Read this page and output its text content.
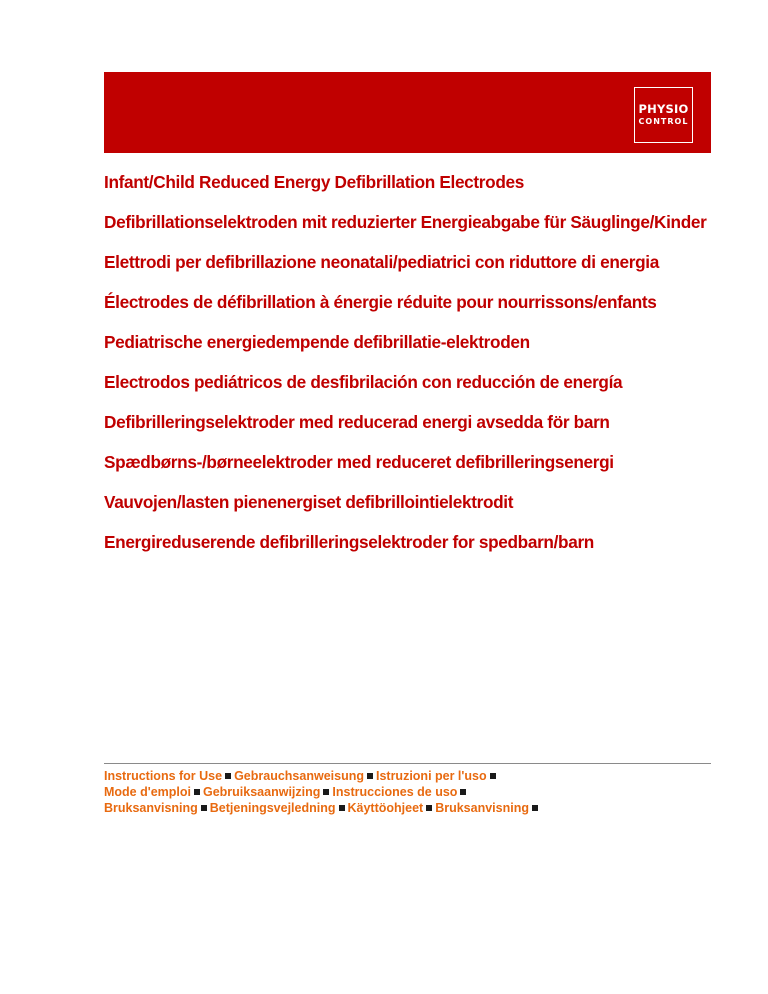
PHYSIO
CONTROL
Infant/Child Reduced Energy Defibrillation Electrodes
Defibrillationselektroden mit reduzierter Energieabgabe für Säuglinge/Kinder
Elettrodi per defibrillazione neonatali/pediatrici con riduttore di energia
Électrodes de défibrillation à énergie réduite pour nourrissons/enfants
Pediatrische energiedempende defibrillatie-elektroden
Electrodos pediátricos de desfibrilación con reducción de energía
Defibrilleringselektroder med reducerad energi avsedda för barn
Spædbørns-/børneelektroder med reduceret defibrilleringsenergi
Vauvojen/lasten pienenergiset defibrillointielektrodit
Energireduserende defibrilleringselektroder for spedbarn/barn
Instructions for Use Gebrauchsanweisung Istruzioni per l'uso
Mode d'emploi Gebruiksaanwijzing Instrucciones de uso
Bruksanvisning Betjeningsvejledning Käyttöohjeet Bruksanvisning
